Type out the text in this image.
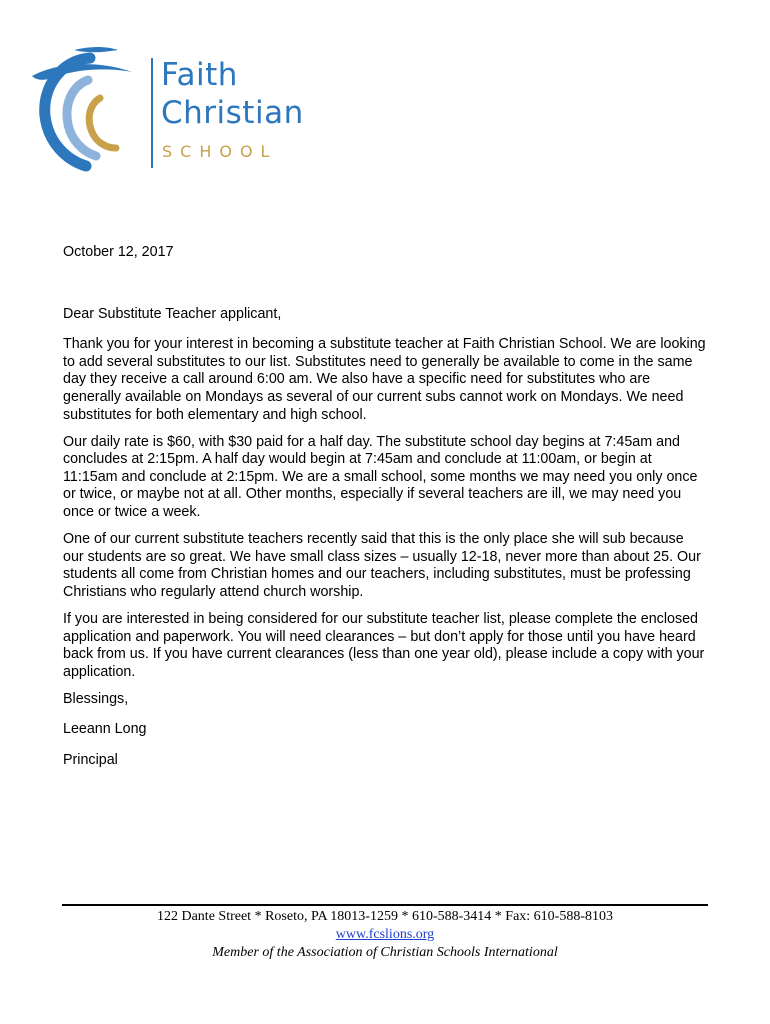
Faith
Christian
SCHOOL

October 12, 2017

Dear Substitute Teacher applicant,

Thank you for your interest in becoming a substitute teacher at Faith Christian School. We are looking to add several substitutes to our list. Substitutes need to generally be available to come in the same day they receive a call around 6:00 am. We also have a specific need for substitutes who are generally available on Mondays as several of our current subs cannot work on Mondays. We need substitutes for both elementary and high school.

Our daily rate is $60, with $30 paid for a half day. The substitute school day begins at 7:45am and concludes at 2:15pm. A half day would begin at 7:45am and conclude at 11:00am, or begin at 11:15am and conclude at 2:15pm. We are a small school, some months we may need you only once or twice, or maybe not at all. Other months, especially if several teachers are ill, we may need you once or twice a week.

One of our current substitute teachers recently said that this is the only place she will sub because our students are so great. We have small class sizes – usually 12-18, never more than about 25. Our students all come from Christian homes and our teachers, including substitutes, must be professing Christians who regularly attend church worship.

If you are interested in being considered for our substitute teacher list, please complete the enclosed application and paperwork. You will need clearances – but don’t apply for those until you have heard back from us. If you have current clearances (less than one year old), please include a copy with your application.

Blessings,

Leeann Long

Principal

122 Dante Street * Roseto, PA 18013-1259 * 610-588-3414 * Fax: 610-588-8103
www.fcslions.org
Member of the Association of Christian Schools International
